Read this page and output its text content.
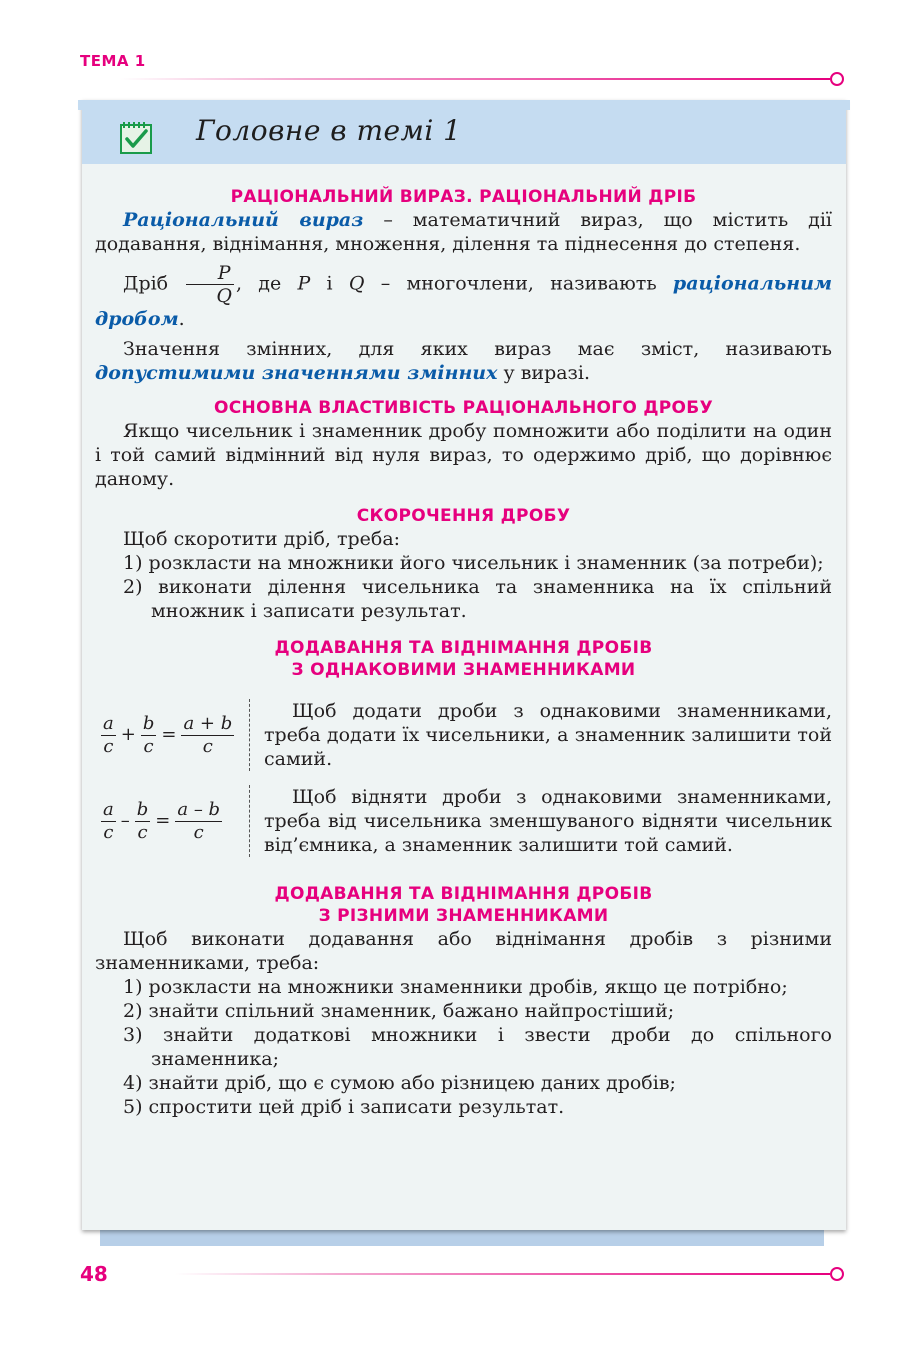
ТЕМА 1
Головне в темі 1
РАЦІОНАЛЬНИЙ ВИРАЗ. РАЦІОНАЛЬНИЙ ДРІБ

Раціональний вираз – математичний вираз, що містить дії додавання, віднімання, множення, ділення та піднесення до степеня.

Дріб $\frac{P}{Q}$ , де P і Q – многочлени, називають раціональним дробом.

Значення змінних, для яких вираз має зміст, називають допустимими значеннями змінних у виразі.

ОСНОВНА ВЛАСТИВІСТЬ РАЦІОНАЛЬНОГО ДРОБУ

Якщо чисельник і знаменник дробу помножити або поділити на один і той самий відмінний від нуля вираз, то одержимо дріб, що дорівнює даному.

СКОРОЧЕННЯ ДРОБУ

Щоб скоротити дріб, треба:

1) розкласти на множники його чисельник і знаменник (за потреби);
2) виконати ділення чисельника та знаменника на їх спільний множник і записати результат.
ДОДАВАННЯ ТА ВІДНІМАННЯ ДРОБІВ
З ОДНАКОВИМИ ЗНАМЕННИКАМИ
$\frac{a}{c} + \frac{b}{c} = \frac{a + b}{c}$

Щоб додати дроби з однаковими знаменниками, треба додати їх чисельники, а знаменник залишити той самий.

$\frac{a}{c} - \frac{b}{c} = \frac{a - b}{c}$

Щоб відняти дроби з однаковими знаменниками, треба від чисельника зменшуваного відняти чисельник від’ємника, а знаменник залишити той самий.

ДОДАВАННЯ ТА ВІДНІМАННЯ ДРОБІВ
З РІЗНИМИ ЗНАМЕННИКАМИ

Щоб виконати додавання або віднімання дробів з різними знаменниками, треба:

1) розкласти на множники знаменники дробів, якщо це потрібно;
2) знайти спільний знаменник, бажано найпростіший;
3) знайти додаткові множники і звести дроби до спільного знаменника;
4) знайти дріб, що є сумою або різницею даних дробів;
5) спростити цей дріб і записати результат.
48
